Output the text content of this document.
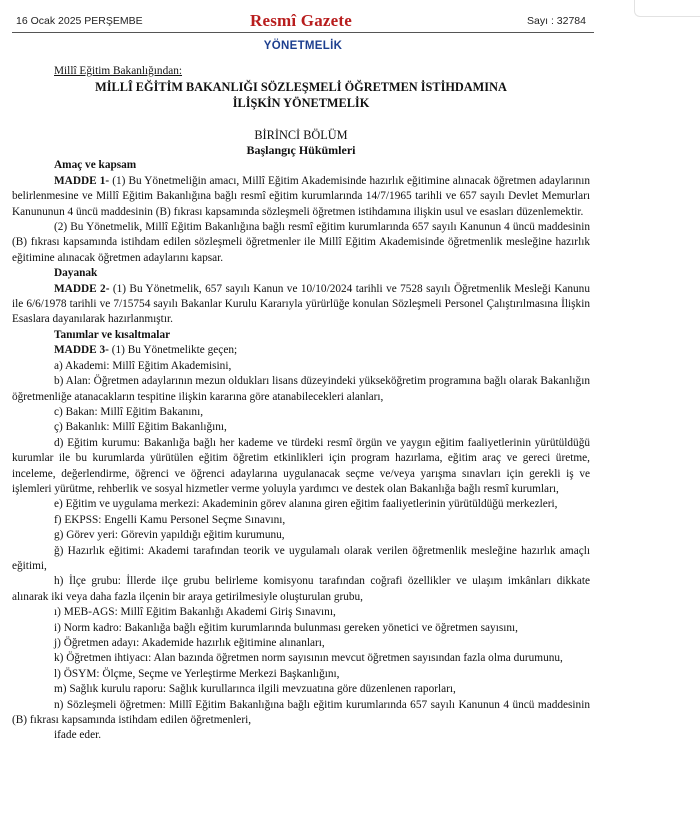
16 Ocak 2025 PERŞEMBE	Resmî Gazete	Sayı : 32784
YÖNETMELİK

Millî Eğitim Bakanlığından:

MİLLÎ EĞİTİM BAKANLIĞI SÖZLEŞMELİ ÖĞRETMEN İSTİHDAMINA

İLİŞKİN YÖNETMELİK

BİRİNCİ BÖLÜM

Başlangıç Hükümleri

Amaç ve kapsam

MADDE 1- (1) Bu Yönetmeliğin amacı, Millî Eğitim Akademisinde hazırlık eğitimine alınacak öğretmen adaylarının belirlenmesine ve Millî Eğitim Bakanlığına bağlı resmî eğitim kurumlarında 14/7/1965 tarihli ve 657 sayılı Devlet Memurları Kanununun 4 üncü maddesinin (B) fıkrası kapsamında sözleşmeli öğretmen istihdamına ilişkin usul ve esasları düzenlemektir.

(2) Bu Yönetmelik, Millî Eğitim Bakanlığına bağlı resmî eğitim kurumlarında 657 sayılı Kanunun 4 üncü maddesinin (B) fıkrası kapsamında istihdam edilen sözleşmeli öğretmenler ile Millî Eğitim Akademisinde öğretmenlik mesleğine hazırlık eğitimine alınacak öğretmen adaylarını kapsar.

Dayanak

MADDE 2- (1) Bu Yönetmelik, 657 sayılı Kanun ve 10/10/2024 tarihli ve 7528 sayılı Öğretmenlik Mesleği Kanunu ile 6/6/1978 tarihli ve 7/15754 sayılı Bakanlar Kurulu Kararıyla yürürlüğe konulan Sözleşmeli Personel Çalıştırılmasına İlişkin Esaslara dayanılarak hazırlanmıştır.

Tanımlar ve kısaltmalar

MADDE 3- (1) Bu Yönetmelikte geçen;

a) Akademi: Millî Eğitim Akademisini,

b) Alan: Öğretmen adaylarının mezun oldukları lisans düzeyindeki yükseköğretim programına bağlı olarak Bakanlığın öğretmenliğe atanacakların tespitine ilişkin kararına göre atanabilecekleri alanları,

c) Bakan: Millî Eğitim Bakanını,

ç) Bakanlık: Millî Eğitim Bakanlığını,

d) Eğitim kurumu: Bakanlığa bağlı her kademe ve türdeki resmî örgün ve yaygın eğitim faaliyetlerinin yürütüldüğü kurumlar ile bu kurumlarda yürütülen eğitim öğretim etkinlikleri için program hazırlama, eğitim araç ve gereci üretme, inceleme, değerlendirme, öğrenci ve öğrenci adaylarına uygulanacak seçme ve/veya yarışma sınavları için gerekli iş ve işlemleri yürütme, rehberlik ve sosyal hizmetler verme yoluyla yardımcı ve destek olan Bakanlığa bağlı resmî kurumları,

e) Eğitim ve uygulama merkezi: Akademinin görev alanına giren eğitim faaliyetlerinin yürütüldüğü merkezleri,

f) EKPSS: Engelli Kamu Personel Seçme Sınavını,

g) Görev yeri: Görevin yapıldığı eğitim kurumunu,

ğ) Hazırlık eğitimi: Akademi tarafından teorik ve uygulamalı olarak verilen öğretmenlik mesleğine hazırlık amaçlı eğitimi,

h) İlçe grubu: İllerde ilçe grubu belirleme komisyonu tarafından coğrafi özellikler ve ulaşım imkânları dikkate alınarak iki veya daha fazla ilçenin bir araya getirilmesiyle oluşturulan grubu,

ı) MEB-AGS: Millî Eğitim Bakanlığı Akademi Giriş Sınavını,

i) Norm kadro: Bakanlığa bağlı eğitim kurumlarında bulunması gereken yönetici ve öğretmen sayısını,

j) Öğretmen adayı: Akademide hazırlık eğitimine alınanları,

k) Öğretmen ihtiyacı: Alan bazında öğretmen norm sayısının mevcut öğretmen sayısından fazla olma durumunu,

l) ÖSYM: Ölçme, Seçme ve Yerleştirme Merkezi Başkanlığını,

m) Sağlık kurulu raporu: Sağlık kurullarınca ilgili mevzuatına göre düzenlenen raporları,

n) Sözleşmeli öğretmen: Millî Eğitim Bakanlığına bağlı eğitim kurumlarında 657 sayılı Kanunun 4 üncü maddesinin (B) fıkrası kapsamında istihdam edilen öğretmenleri,

ifade eder.
